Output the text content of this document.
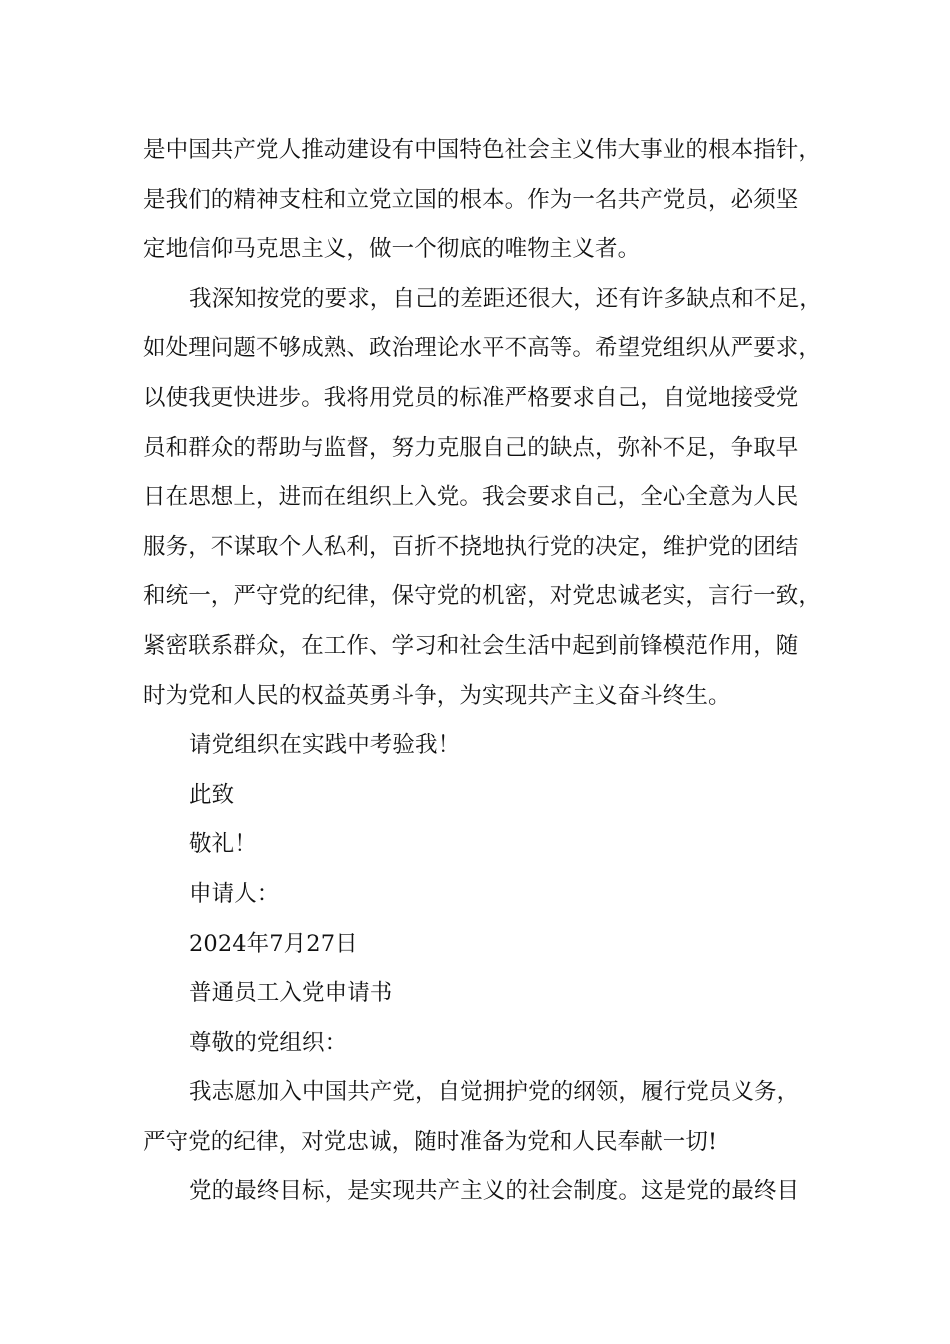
是中国共产党人推动建设有中国特色社会主义伟大事业的根本指针，
是我们的精神支柱和立党立国的根本。作为一名共产党员，必须坚
定地信仰马克思主义，做一个彻底的唯物主义者。
我深知按党的要求，自己的差距还很大，还有许多缺点和不足，
如处理问题不够成熟、政治理论水平不高等。希望党组织从严要求，
以使我更快进步。我将用党员的标准严格要求自己，自觉地接受党
员和群众的帮助与监督，努力克服自己的缺点，弥补不足，争取早
日在思想上，进而在组织上入党。我会要求自己，全心全意为人民
服务，不谋取个人私利，百折不挠地执行党的决定，维护党的团结
和统一，严守党的纪律，保守党的机密，对党忠诚老实，言行一致，
紧密联系群众，在工作、学习和社会生活中起到前锋模范作用，随
时为党和人民的权益英勇斗争，为实现共产主义奋斗终生。
请党组织在实践中考验我！
此致
敬礼！
申请人：
2024年7月27日
普通员工入党申请书
尊敬的党组织：
我志愿加入中国共产党，自觉拥护党的纲领，履行党员义务，
严守党的纪律，对党忠诚，随时准备为党和人民奉献一切!
党的最终目标，是实现共产主义的社会制度。这是党的最终目
